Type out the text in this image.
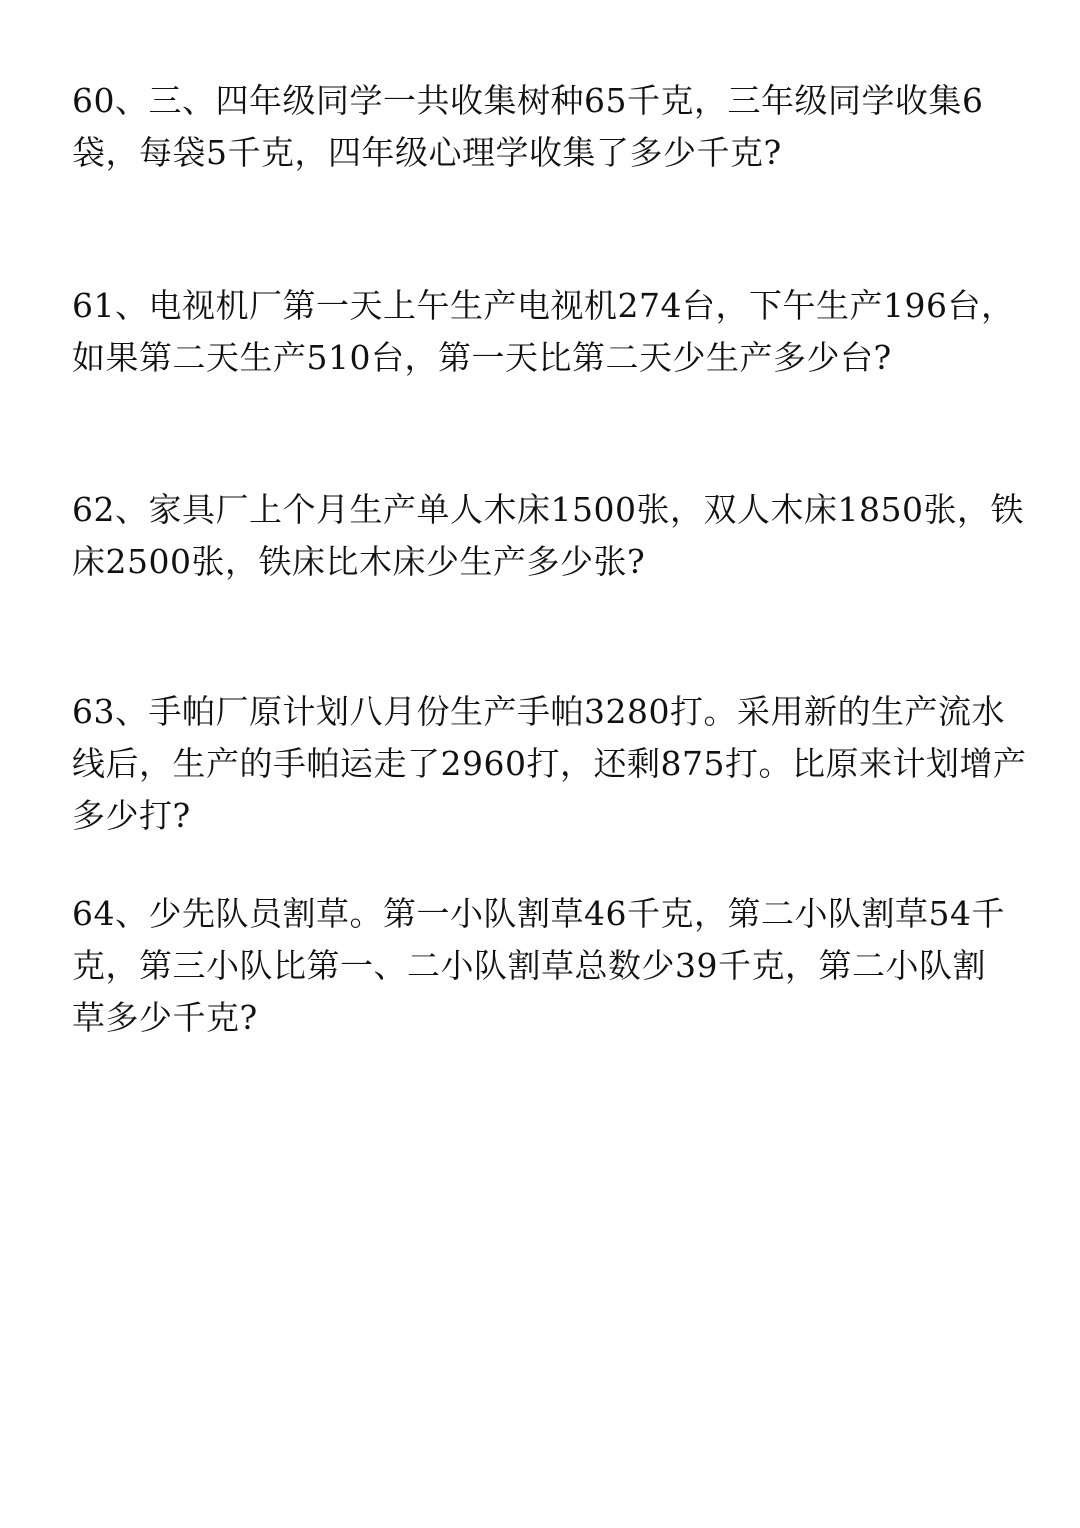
60、三、四年级同学一共收集树种65千克，三年级同学收集6
袋，每袋5千克，四年级心理学收集了多少千克?
61、电视机厂第一天上午生产电视机274台，下午生产196台，
如果第二天生产510台，第一天比第二天少生产多少台?
62、家具厂上个月生产单人木床1500张，双人木床1850张，铁
床2500张，铁床比木床少生产多少张?
63、手帕厂原计划八月份生产手帕3280打。采用新的生产流水
线后，生产的手帕运走了2960打，还剩875打。比原来计划增产
多少打?
64、少先队员割草。第一小队割草46千克，第二小队割草54千
克，第三小队比第一、二小队割草总数少39千克，第二小队割
草多少千克?
